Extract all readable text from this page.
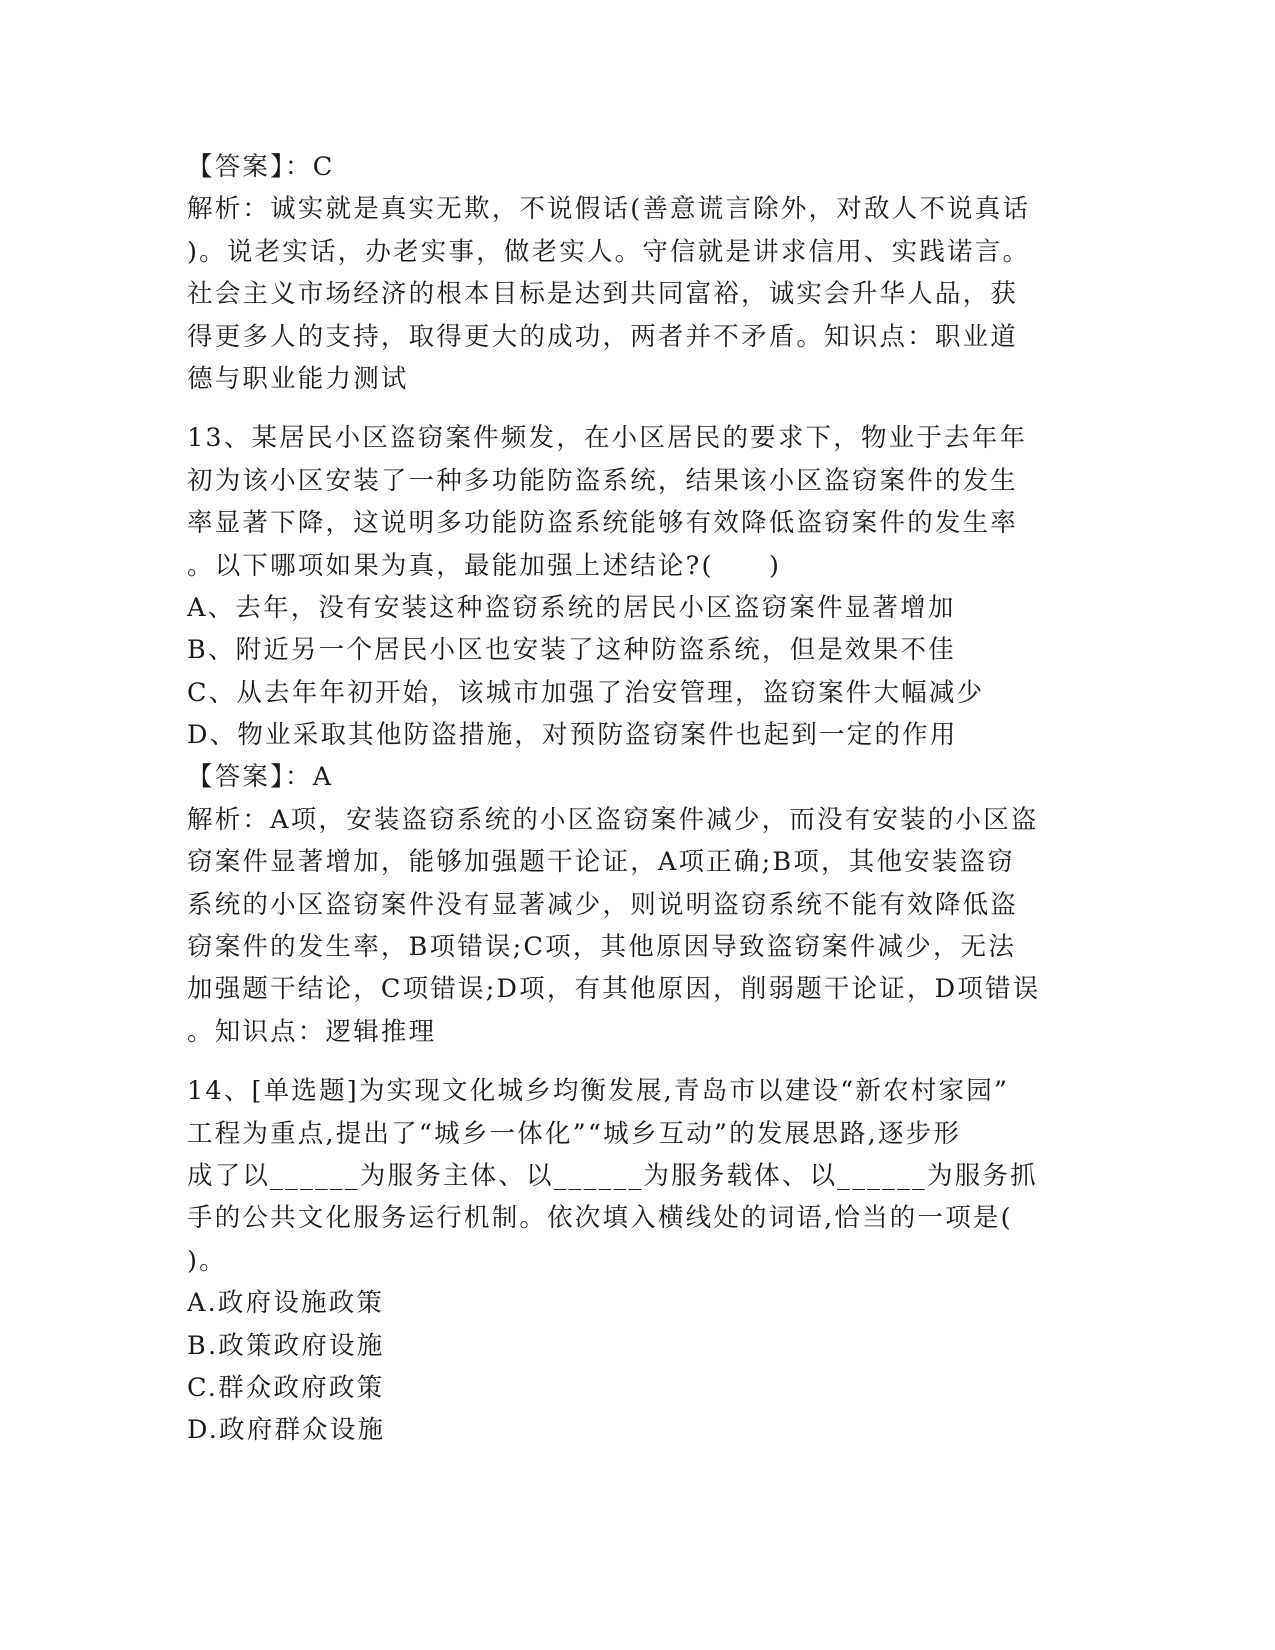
【答案】：C
解析：诚实就是真实无欺，不说假话(善意谎言除外，对敌人不说真话
)。说老实话，办老实事，做老实人。守信就是讲求信用、实践诺言。
社会主义市场经济的根本目标是达到共同富裕，诚实会升华人品，获
得更多人的支持，取得更大的成功，两者并不矛盾。知识点：职业道
德与职业能力测试
13、某居民小区盗窃案件频发，在小区居民的要求下，物业于去年年
初为该小区安装了一种多功能防盗系统，结果该小区盗窃案件的发生
率显著下降，这说明多功能防盗系统能够有效降低盗窃案件的发生率
。以下哪项如果为真，最能加强上述结论?(　　)
A、去年，没有安装这种盗窃系统的居民小区盗窃案件显著增加
B、附近另一个居民小区也安装了这种防盗系统，但是效果不佳
C、从去年年初开始，该城市加强了治安管理，盗窃案件大幅减少
D、物业采取其他防盗措施，对预防盗窃案件也起到一定的作用
【答案】：A
解析：A项，安装盗窃系统的小区盗窃案件减少，而没有安装的小区盗
窃案件显著增加，能够加强题干论证，A项正确;B项，其他安装盗窃
系统的小区盗窃案件没有显著减少，则说明盗窃系统不能有效降低盗
窃案件的发生率，B项错误;C项，其他原因导致盗窃案件减少，无法
加强题干结论，C项错误;D项，有其他原因，削弱题干论证，D项错误
。知识点：逻辑推理
14、[单选题]为实现文化城乡均衡发展,青岛市以建设“新农村家园”
工程为重点,提出了“城乡一体化”“城乡互动”的发展思路,逐步形
成了以______为服务主体、以______为服务载体、以______为服务抓
手的公共文化服务运行机制。依次填入横线处的词语,恰当的一项是(
)。
A.政府设施政策
B.政策政府设施
C.群众政府政策
D.政府群众设施
